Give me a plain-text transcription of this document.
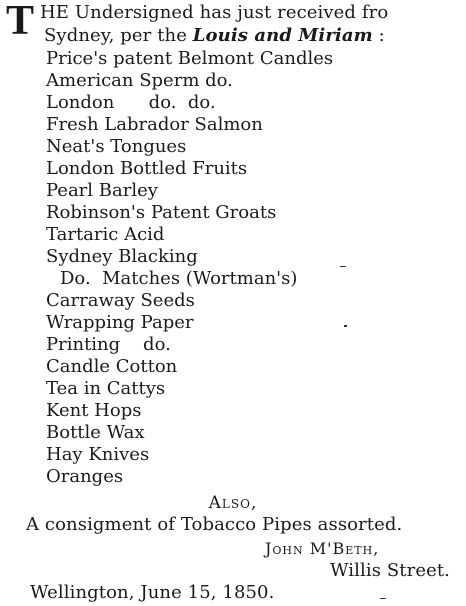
T HE Undersigned has just received fro
Sydney, per the Louis and Miriam :
Price's patent Belmont Candles
American Sperm do.
London      do.  do.
Fresh Labrador Salmon
Neat's Tongues
London Bottled Fruits
Pearl Barley
Robinson's Patent Groats
Tartaric Acid
Sydney Blacking
Do.  Matches (Wortman's)
Carraway Seeds
Wrapping Paper
Printing    do.
Candle Cotton
Tea in Cattys
Kent Hops
Bottle Wax
Hay Knives
Oranges
Also,
A consigment of Tobacco Pipes assorted.
John M'Beth,
Willis Street.
Wellington, June 15, 1850.
